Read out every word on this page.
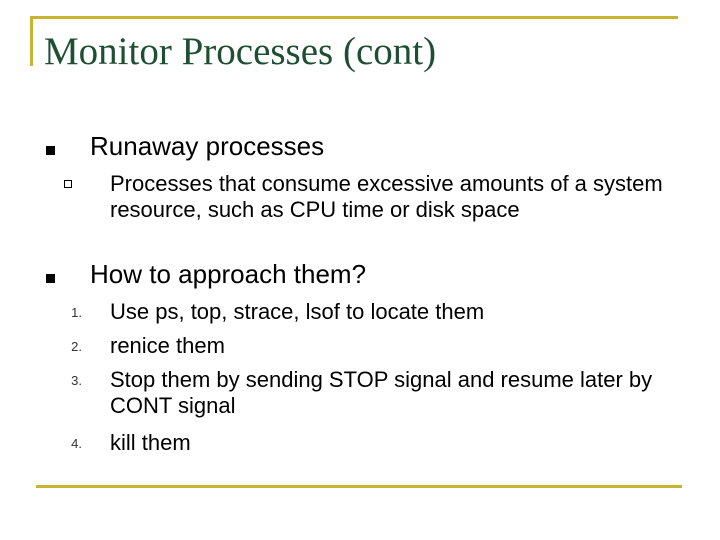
Monitor Processes (cont)
Runaway processes
Processes that consume excessive amounts of a system resource, such as CPU time or disk space
How to approach them?
1. Use ps, top, strace, lsof to locate them
2. renice them
3. Stop them by sending STOP signal and resume later by CONT signal
4. kill them
